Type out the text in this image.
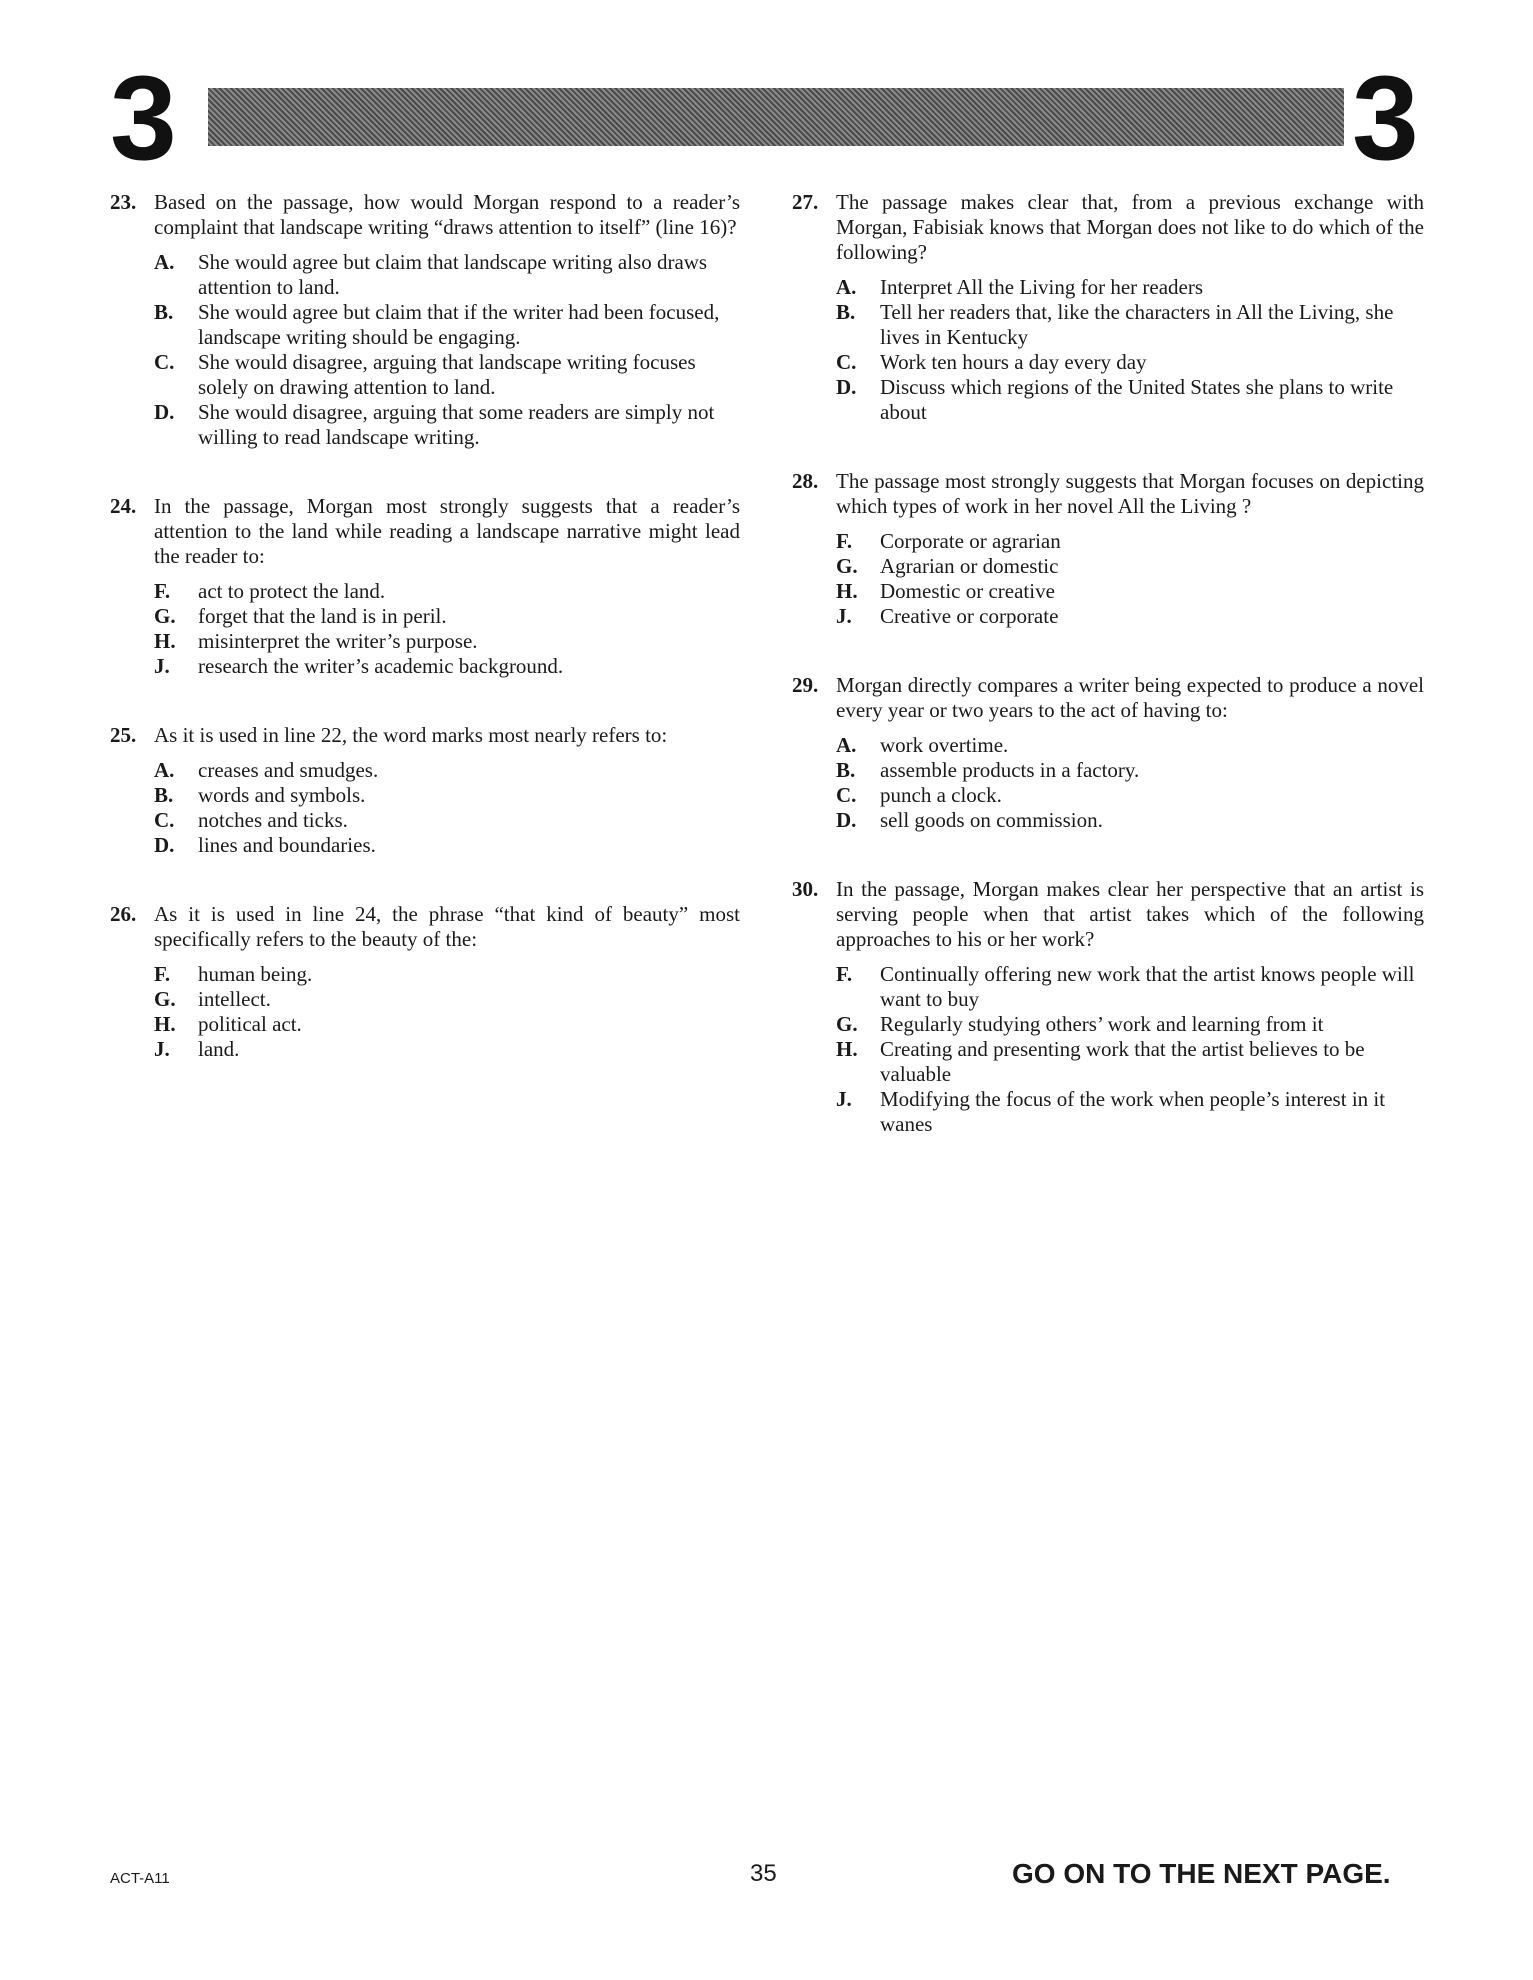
3	3
23. Based on the passage, how would Morgan respond to a reader’s complaint that landscape writing “draws attention to itself” (line 16)?
A.	She would agree but claim that landscape writing also draws attention to land.
B.	She would agree but claim that if the writer had been focused, landscape writing should be engaging.
C.	She would disagree, arguing that landscape writing focuses solely on drawing attention to land.
D.	She would disagree, arguing that some readers are simply not willing to read landscape writing.
24. In the passage, Morgan most strongly suggests that a reader’s attention to the land while reading a landscape narrative might lead the reader to:
F.	act to protect the land.
G.	forget that the land is in peril.
H.	misinterpret the writer’s purpose.
J.	research the writer’s academic background.
25. As it is used in line 22, the word marks most nearly refers to:
A.	creases and smudges.
B.	words and symbols.
C.	notches and ticks.
D.	lines and boundaries.
26. As it is used in line 24, the phrase “that kind of beauty” most specifically refers to the beauty of the:
F.	human being.
G.	intellect.
H.	political act.
J.	land.
27. The passage makes clear that, from a previous exchange with Morgan, Fabisiak knows that Morgan does not like to do which of the following?
A.	Interpret All the Living for her readers
B.	Tell her readers that, like the characters in All the Living, she lives in Kentucky
C.	Work ten hours a day every day
D.	Discuss which regions of the United States she plans to write about
28. The passage most strongly suggests that Morgan focuses on depicting which types of work in her novel All the Living ?
F.	Corporate or agrarian
G.	Agrarian or domestic
H.	Domestic or creative
J.	Creative or corporate
29. Morgan directly compares a writer being expected to produce a novel every year or two years to the act of having to:
A.	work overtime.
B.	assemble products in a factory.
C.	punch a clock.
D.	sell goods on commission.
30. In the passage, Morgan makes clear her perspective that an artist is serving people when that artist takes which of the following approaches to his or her work?
F.	Continually offering new work that the artist knows people will want to buy
G.	Regularly studying others’ work and learning from it
H.	Creating and presenting work that the artist believes to be valuable
J.	Modifying the focus of the work when people’s interest in it wanes
ACT-A11	35	GO ON TO THE NEXT PAGE.
